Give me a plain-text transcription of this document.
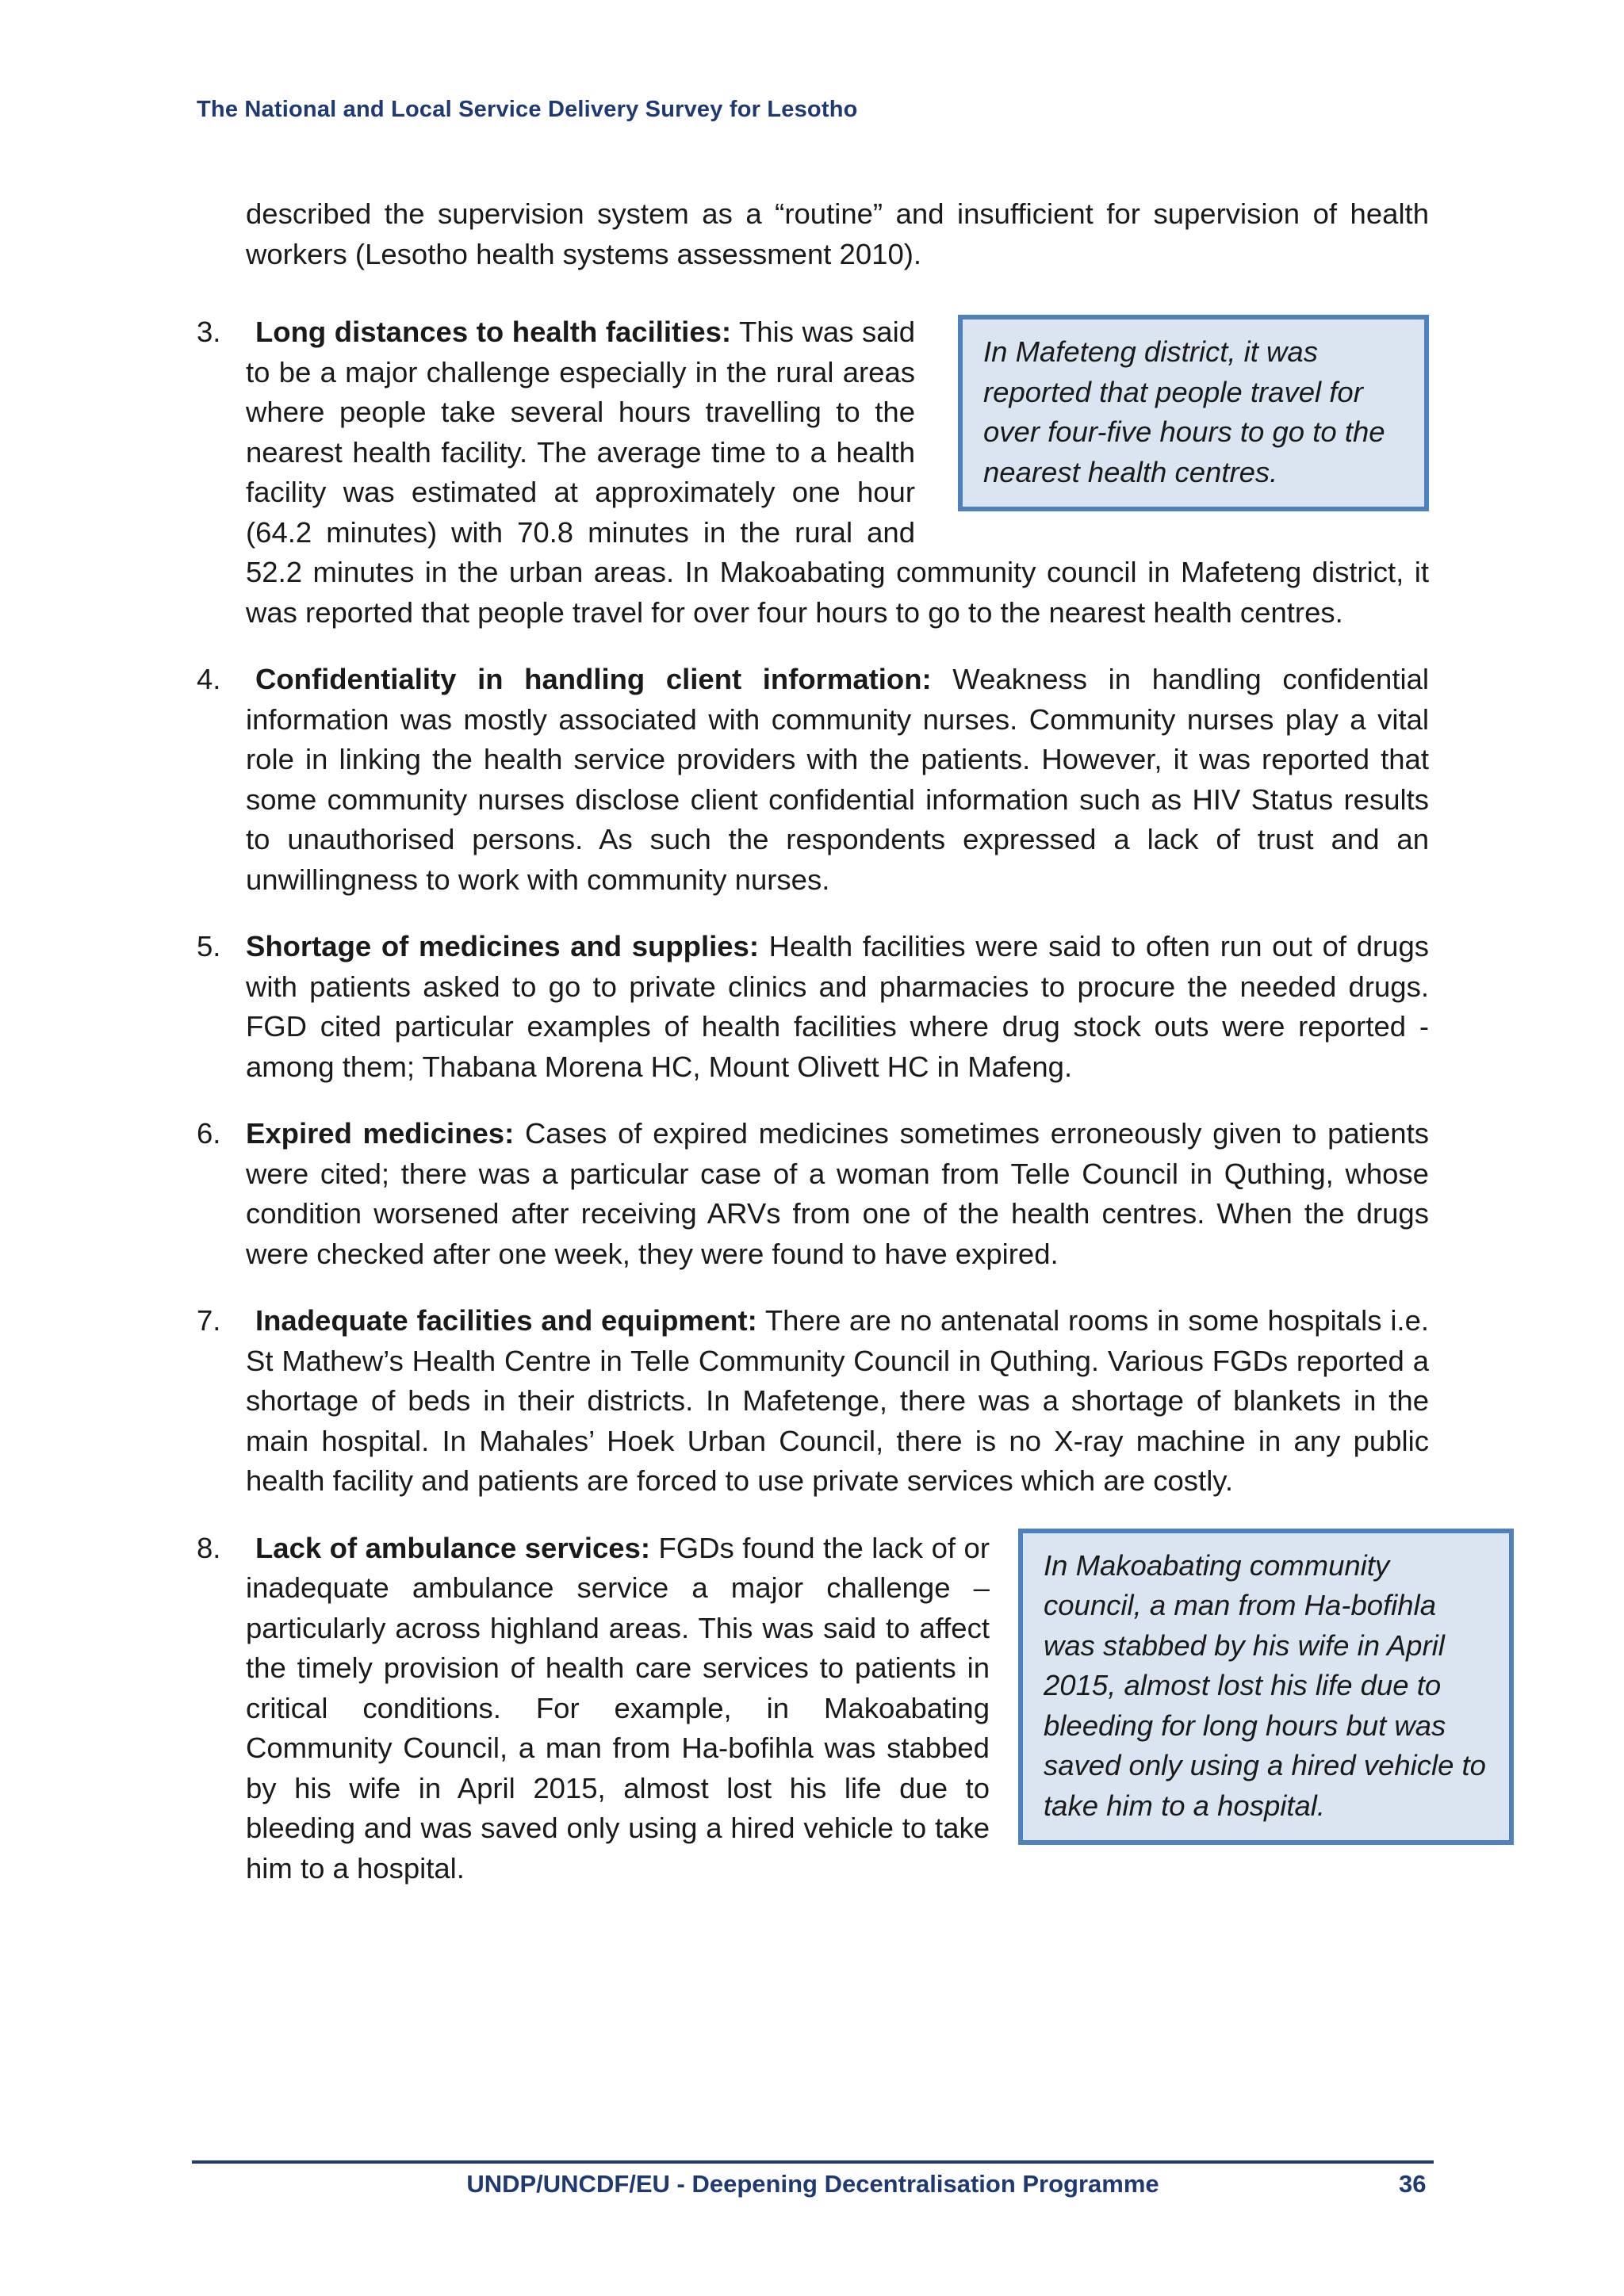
The National and Local Service Delivery Survey for Lesotho

described the supervision system as a “routine” and insufficient for supervision of health workers (Lesotho health systems assessment 2010).

3.
In Mafeteng district, it was reported that people travel for over four-five hours to go to the nearest health centres.
Long distances to health facilities: This was said to be a major challenge especially in the rural areas where people take several hours travelling to the nearest health facility. The average time to a health facility was estimated at approximately one hour (64.2 minutes) with 70.8 minutes in the rural and 52.2 minutes in the urban areas. In Makoabating community council in Mafeteng district, it was reported that people travel for over four hours to go to the nearest health centres.
4. Confidentiality in handling client information: Weakness in handling confidential information was mostly associated with community nurses. Community nurses play a vital role in linking the health service providers with the patients. However, it was reported that some community nurses disclose client confidential information such as HIV Status results to unauthorised persons. As such the respondents expressed a lack of trust and an unwillingness to work with community nurses.
5. Shortage of medicines and supplies: Health facilities were said to often run out of drugs with patients asked to go to private clinics and pharmacies to procure the needed drugs. FGD cited particular examples of health facilities where drug stock outs were reported - among them; Thabana Morena HC, Mount Olivett HC in Mafeng.
6. Expired medicines: Cases of expired medicines sometimes erroneously given to patients were cited; there was a particular case of a woman from Telle Council in Quthing, whose condition worsened after receiving ARVs from one of the health centres. When the drugs were checked after one week, they were found to have expired.
7. Inadequate facilities and equipment: There are no antenatal rooms in some hospitals i.e. St Mathew’s Health Centre in Telle Community Council in Quthing. Various FGDs reported a shortage of beds in their districts. In Mafetenge, there was a shortage of blankets in the main hospital. In Mahales’ Hoek Urban Council, there is no X-ray machine in any public health facility and patients are forced to use private services which are costly.
8.
In Makoabating community council, a man from Ha-bofihla was stabbed by his wife in April 2015, almost lost his life due to bleeding for long hours but was saved only using a hired vehicle to take him to a hospital.
Lack of ambulance services: FGDs found the lack of or inadequate ambulance service a major challenge – particularly across highland areas. This was said to affect the timely provision of health care services to patients in critical conditions. For example, in Makoabating Community Council, a man from Ha-bofihla was stabbed by his wife in April 2015, almost lost his life due to bleeding and was saved only using a hired vehicle to take him to a hospital.
UNDP/UNCDF/EU - Deepening Decentralisation Programme	36
